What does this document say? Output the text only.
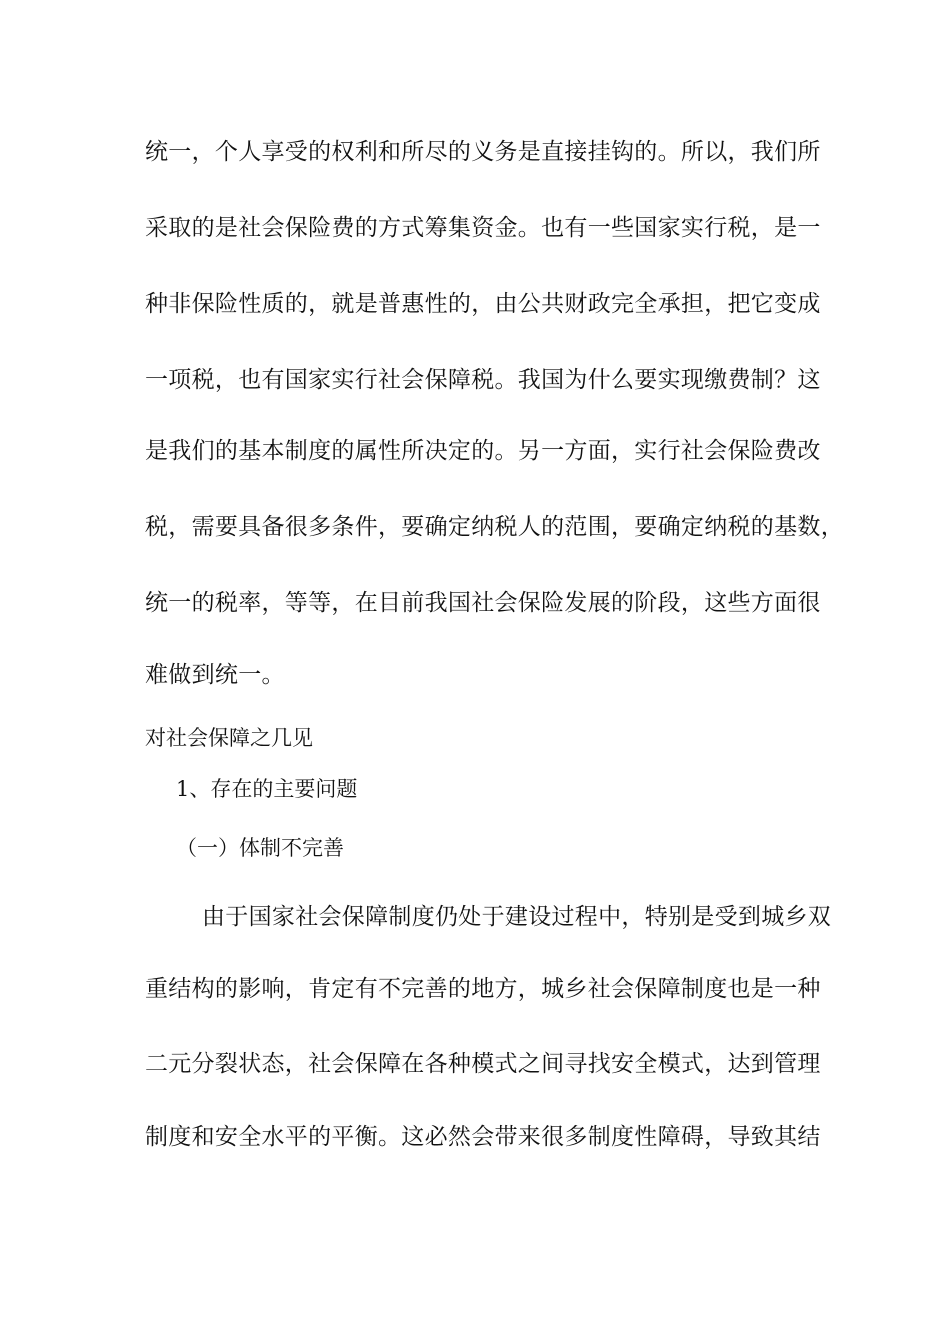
统一，个人享受的权利和所尽的义务是直接挂钩的。所以，我们所
采取的是社会保险费的方式筹集资金。也有一些国家实行税，是一
种非保险性质的，就是普惠性的，由公共财政完全承担，把它变成
一项税，也有国家实行社会保障税。我国为什么要实现缴费制？这
是我们的基本制度的属性所决定的。另一方面，实行社会保险费改
税，需要具备很多条件，要确定纳税人的范围，要确定纳税的基数，
统一的税率，等等，在目前我国社会保险发展的阶段，这些方面很
难做到统一。
对社会保障之几见
1、存在的主要问题
（一）体制不完善
由于国家社会保障制度仍处于建设过程中，特别是受到城乡双
重结构的影响，肯定有不完善的地方，城乡社会保障制度也是一种
二元分裂状态，社会保障在各种模式之间寻找安全模式，达到管理
制度和安全水平的平衡。这必然会带来很多制度性障碍，导致其结
